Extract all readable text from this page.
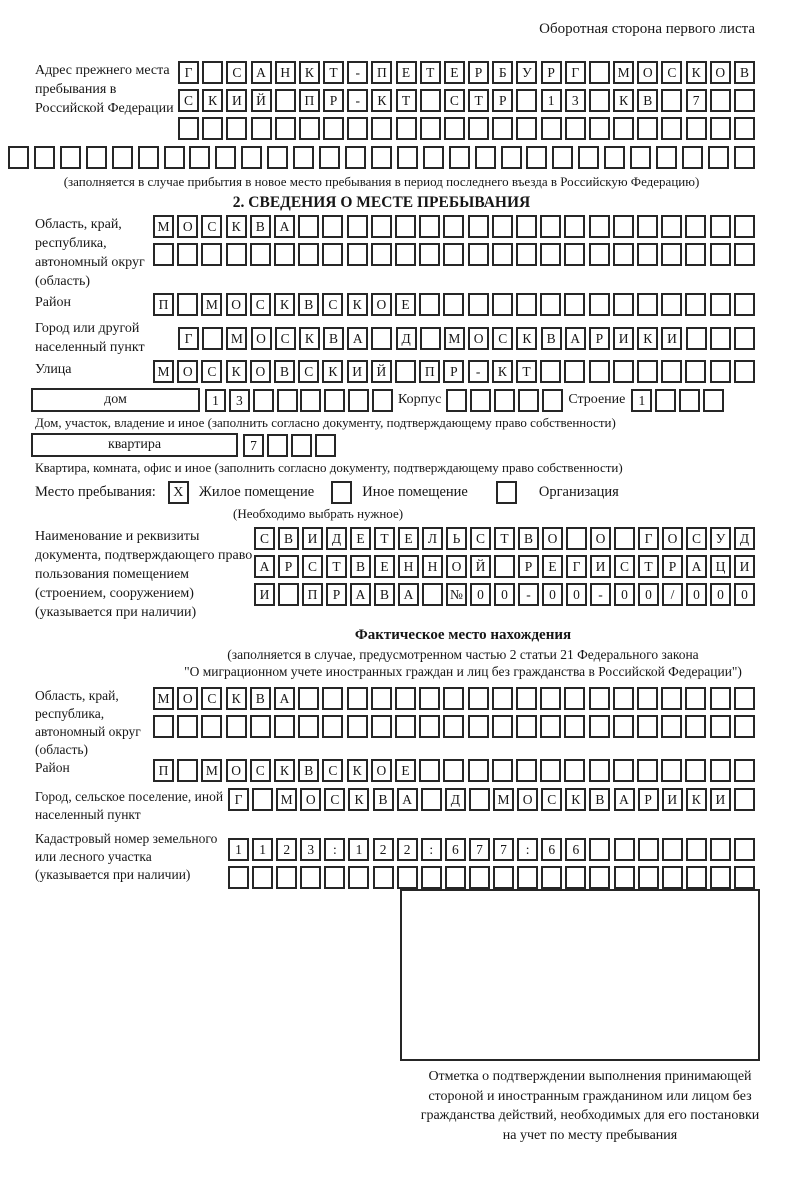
Оборотная сторона первого листа
Адрес прежнего места пребывания в Российской Федерации
Г	С	А	Н	К	Т	-	П	Е	Т	Е	Р	Б	У	Р	Г	М О	С	К	О	В
С	К	И	Й	П	Р	-	К	Т	С	Т	Р	1	3	К	В	7
(заполняется в случае прибытия в новое место пребывания в период последнего въезда в Российскую Федерацию)
2. СВЕДЕНИЯ О МЕСТЕ ПРЕБЫВАНИЯ
Область, край, республика, автономный округ (область)
М О	С	К	В	А
Район	П	М О	С	К	В	С	К	О	Е
Город или другой населенный пункт
Г	М О	С	К	В	А	Д	М О	С	К	В	А	Р	И	К	И
Улица	М О	С	К	О	В	С	К	И	Й	П	Р	-	К	Т
дом	1	3	Корпус	Строение 1
Дом, участок, владение и иное (заполнить согласно документу, подтверждающему право собственности)
квартира	7
Квартира, комната, офис и иное (заполнить согласно документу, подтверждающему право собственности)
Место пребывания:	X	Жилое помещение	Иное помещение	Организация
(Необходимо выбрать нужное)
Наименование и реквизиты документа, подтверждающего право пользования помещением (строением, сооружением) (указывается при наличии)
С	В	И	Д	Е	Т	Е	Л	Ь	С	Т	В	О	О	Г	О	С	У	Д
А	Р	С	Т	В	Е	Н	Н	О	Й	Р	Е	Г	И	С	Т	Р	А	Ц	И
И	П	Р	А	В	А	№	0	0	-	0	0	-	0	0	/	0	0	0
Фактическое место нахождения
(заполняется в случае, предусмотренном частью 2 статьи 21 Федерального закона
"О миграционном учете иностранных граждан и лиц без гражданства в Российской Федерации")
Область, край, республика, автономный округ (область)
М О	С	К	В	А
Район	П	М О	С	К	В	С	К	О	Е
Город, сельское поселение, иной населенный пункт
Г	М О	С	К	В	А	Д	М О	С	К	В	А	Р	И	К	И
Кадастровый номер земельного или лесного участка (указывается при наличии)
1	1	2	3	:	1	2	2	:	6	7	7	:	6	6
Отметка о подтверждении выполнения принимающей
стороной и иностранным гражданином или лицом без
гражданства действий, необходимых для его постановки
на учет по месту пребывания
